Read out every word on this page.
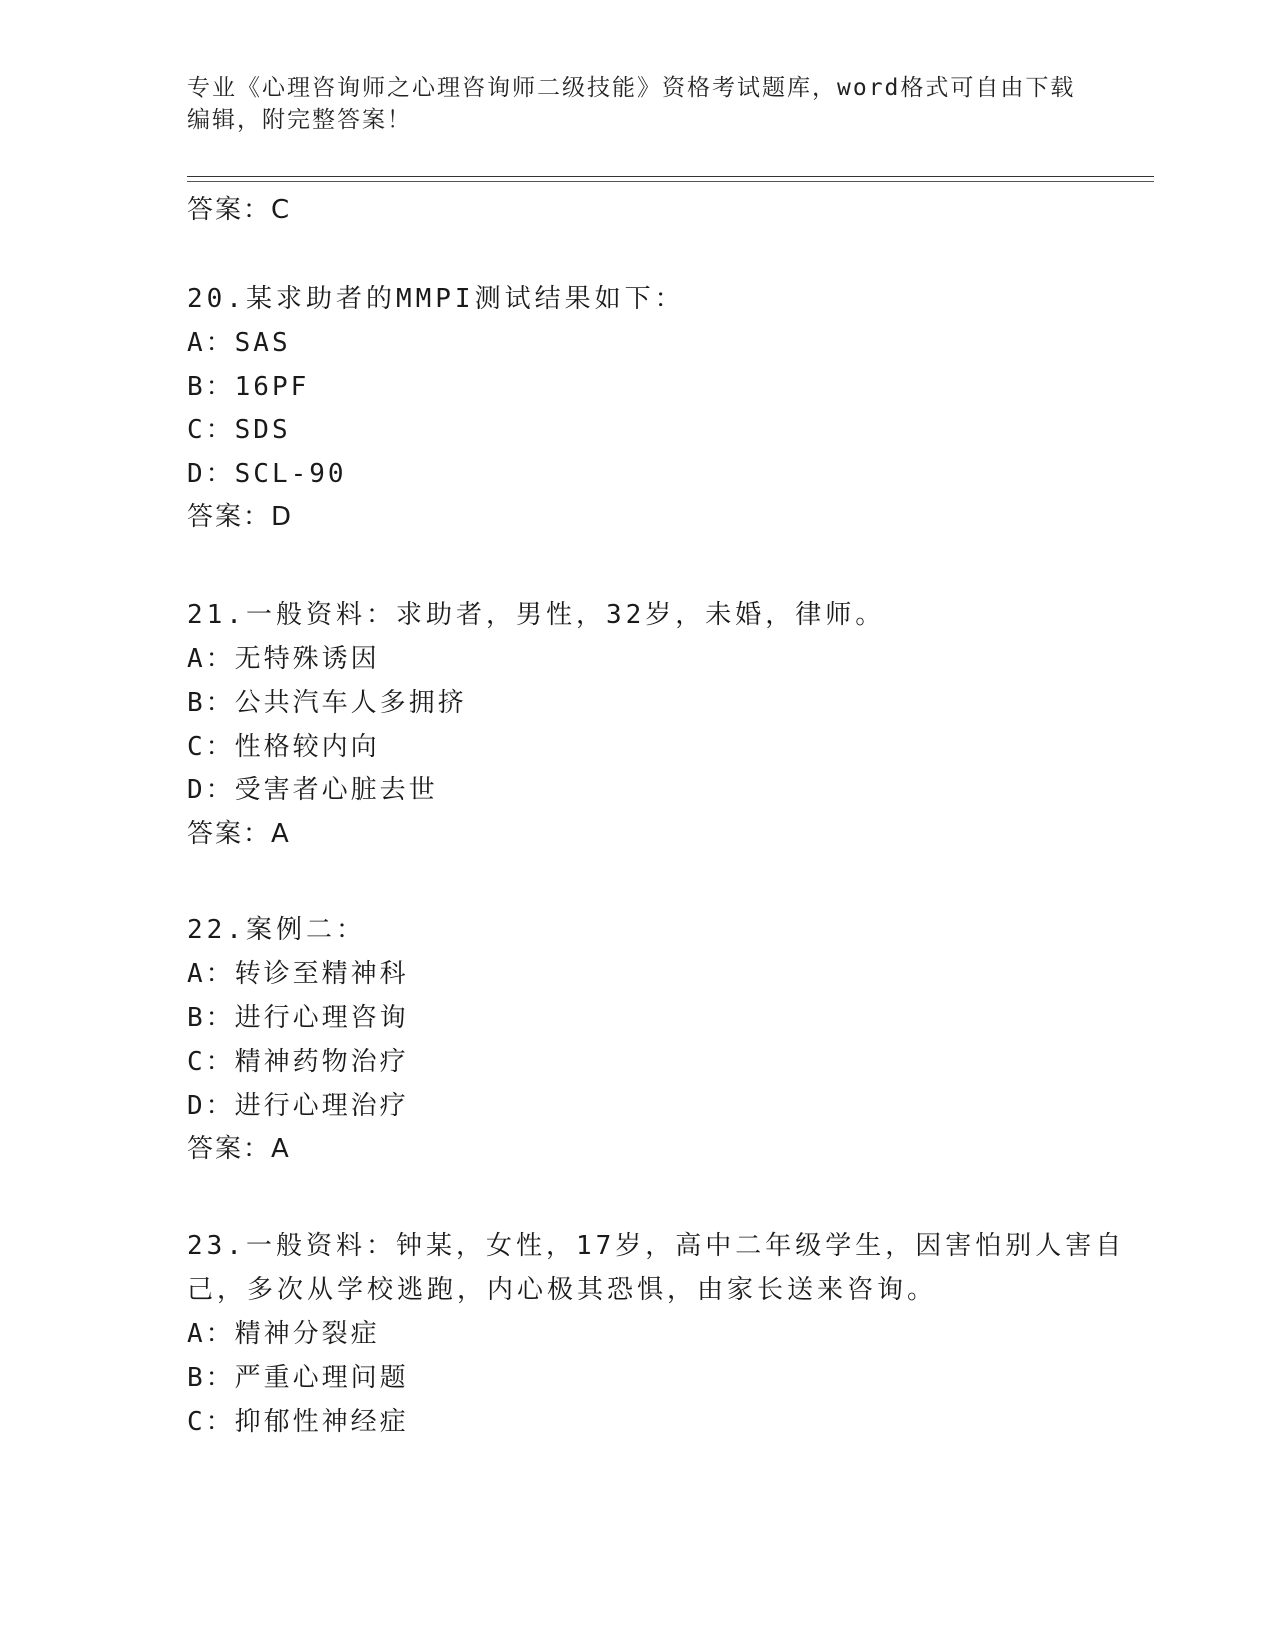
专业《心理咨询师之心理咨询师二级技能》资格考试题库，word格式可自由下载
编辑，附完整答案！
答案：C
20.某求助者的MMPI测试结果如下：
A：SAS
B：16PF
C：SDS
D：SCL-90
答案：D
21.一般资料：求助者，男性，32岁，未婚，律师。
A：无特殊诱因
B：公共汽车人多拥挤
C：性格较内向
D：受害者心脏去世
答案：A
22.案例二：
A：转诊至精神科
B：进行心理咨询
C：精神药物治疗
D：进行心理治疗
答案：A
23.一般资料：钟某，女性，17岁，高中二年级学生，因害怕别人害自
己，多次从学校逃跑，内心极其恐惧，由家长送来咨询。
A：精神分裂症
B：严重心理问题
C：抑郁性神经症
